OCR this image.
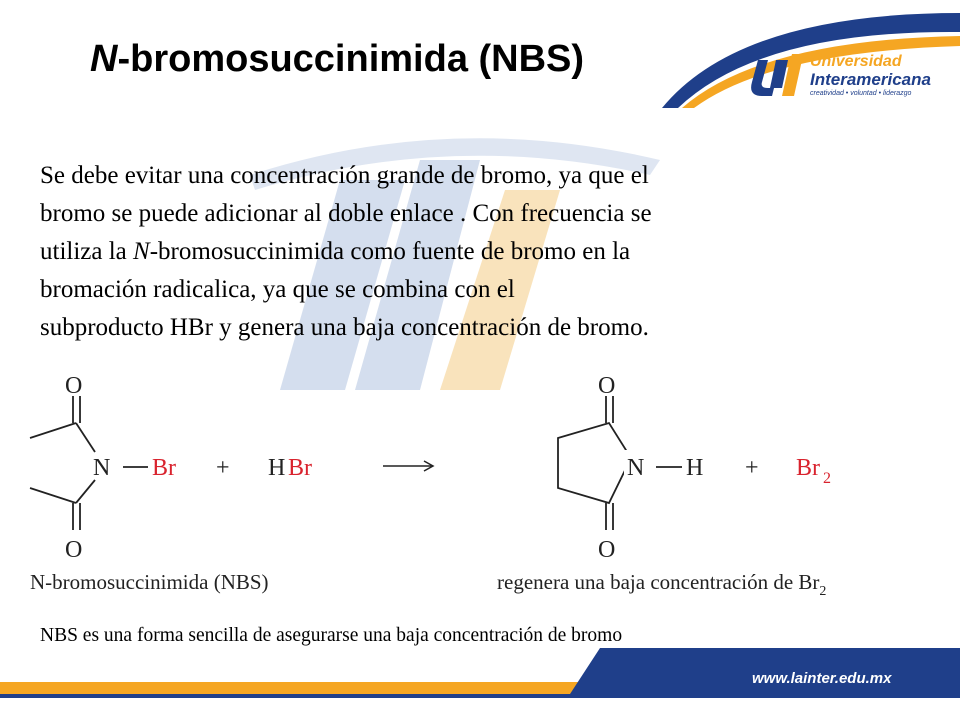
N-bromosuccinimida (NBS)	Universidad
Interamericana
creatividad • voluntad • liderazgo

Se debe evitar una concentración grande de bromo, ya que el
bromo se puede adicionar al doble enlace . Con frecuencia se
utiliza la N-bromosuccinimida como fuente de bromo en la
bromación radicalica, ya que se combina con el
subproducto HBr y genera una baja concentración de bromo.

O
O
N Br + H Br
O
O
N H + Br 2
N-bromosuccinimida (NBS)	regenera una baja concentración de $Br_2$
NBS es una forma sencilla de asegurarse una baja concentración de bromo
www.lainter.edu.mx
